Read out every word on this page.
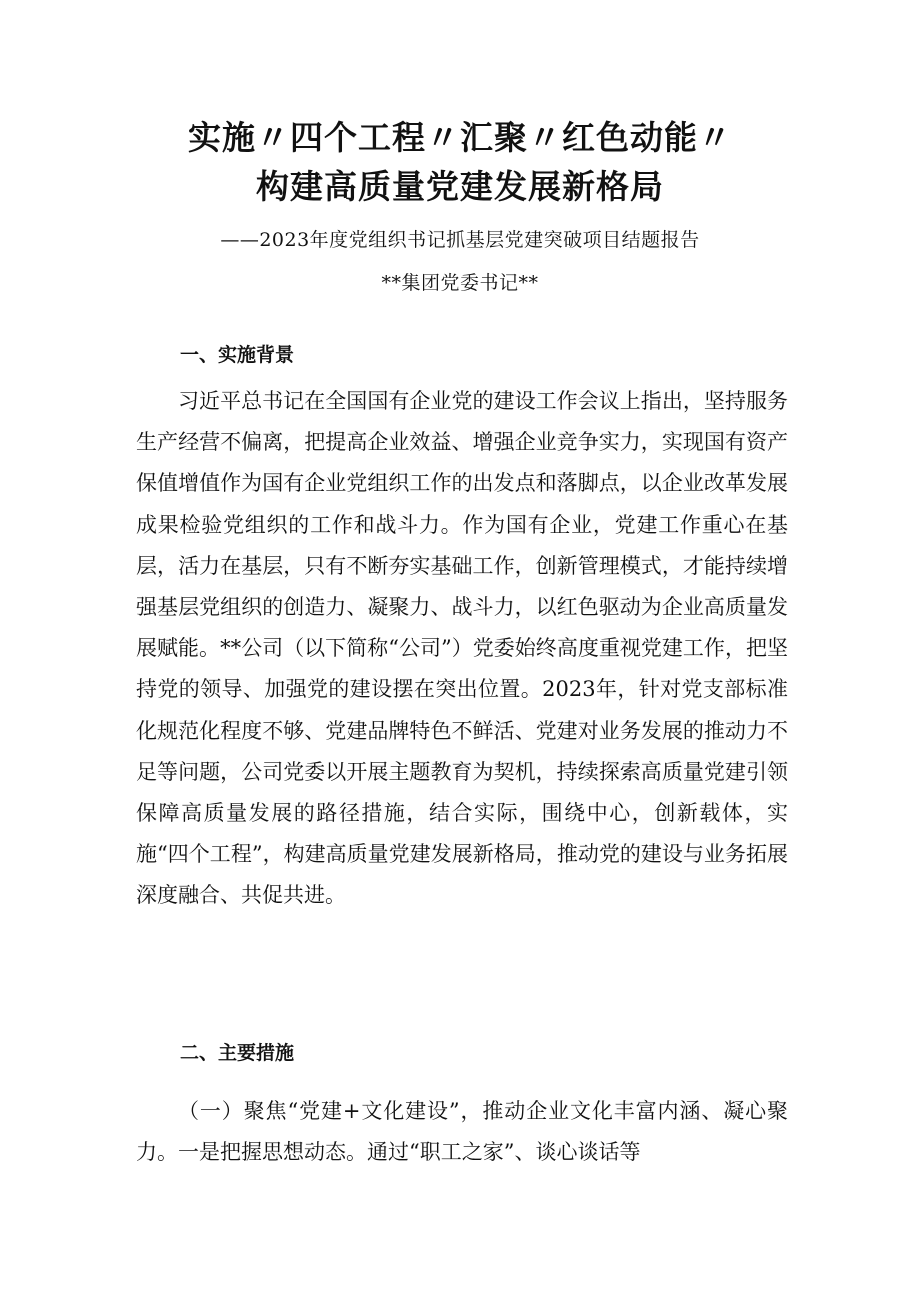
实施〃四个工程〃汇聚〃红色动能〃
构建高质量党建发展新格局
——2023年度党组织书记抓基层党建突破项目结题报告
**集团党委书记**
一、实施背景

习近平总书记在全国国有企业党的建设工作会议上指出，坚持服务生产经营不偏离，把提高企业效益、增强企业竞争实力，实现国有资产保值增值作为国有企业党组织工作的出发点和落脚点，以企业改革发展成果检验党组织的工作和战斗力。作为国有企业，党建工作重心在基层，活力在基层，只有不断夯实基础工作，创新管理模式，才能持续增强基层党组织的创造力、凝聚力、战斗力，以红色驱动为企业高质量发展赋能。**公司（以下简称“公司”）党委始终高度重视党建工作，把坚持党的领导、加强党的建设摆在突出位置。2023年，针对党支部标准化规范化程度不够、党建品牌特色不鲜活、党建对业务发展的推动力不足等问题，公司党委以开展主题教育为契机，持续探索高质量党建引领保障高质量发展的路径措施，结合实际，围绕中心，创新载体，实施“四个工程”，构建高质量党建发展新格局，推动党的建设与业务拓展深度融合、共促共进。

二、主要措施

（一）聚焦“党建+文化建设”，推动企业文化丰富内涵、凝心聚力。一是把握思想动态。通过“职工之家”、谈心谈话等
